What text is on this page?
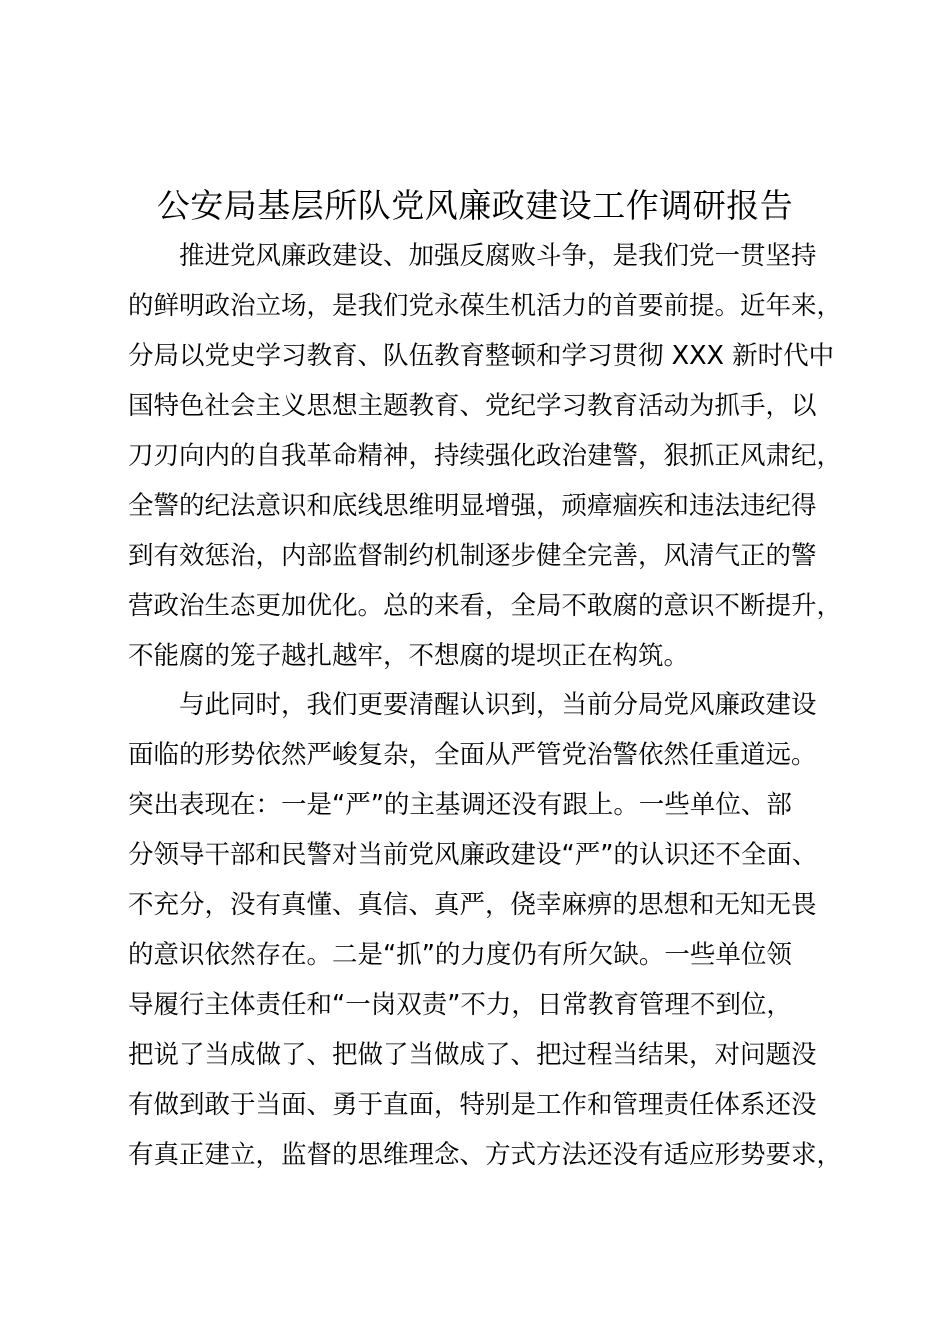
公安局基层所队党风廉政建设工作调研报告
　　推进党风廉政建设、加强反腐败斗争，是我们党一贯坚持
的鲜明政治立场，是我们党永葆生机活力的首要前提。近年来，
分局以党史学习教育、队伍教育整顿和学习贯彻 XXX 新时代中
国特色社会主义思想主题教育、党纪学习教育活动为抓手，以
刀刃向内的自我革命精神，持续强化政治建警，狠抓正风肃纪，
全警的纪法意识和底线思维明显增强，顽瘴痼疾和违法违纪得
到有效惩治，内部监督制约机制逐步健全完善，风清气正的警
营政治生态更加优化。总的来看，全局不敢腐的意识不断提升，
不能腐的笼子越扎越牢，不想腐的堤坝正在构筑。
　　与此同时，我们更要清醒认识到，当前分局党风廉政建设
面临的形势依然严峻复杂，全面从严管党治警依然任重道远。
突出表现在：一是“严”的主基调还没有跟上。一些单位、部
分领导干部和民警对当前党风廉政建设“严”的认识还不全面、
不充分，没有真懂、真信、真严，侥幸麻痹的思想和无知无畏
的意识依然存在。二是“抓”的力度仍有所欠缺。一些单位领
导履行主体责任和“一岗双责”不力，日常教育管理不到位，
把说了当成做了、把做了当做成了、把过程当结果，对问题没
有做到敢于当面、勇于直面，特别是工作和管理责任体系还没
有真正建立，监督的思维理念、方式方法还没有适应形势要求，
